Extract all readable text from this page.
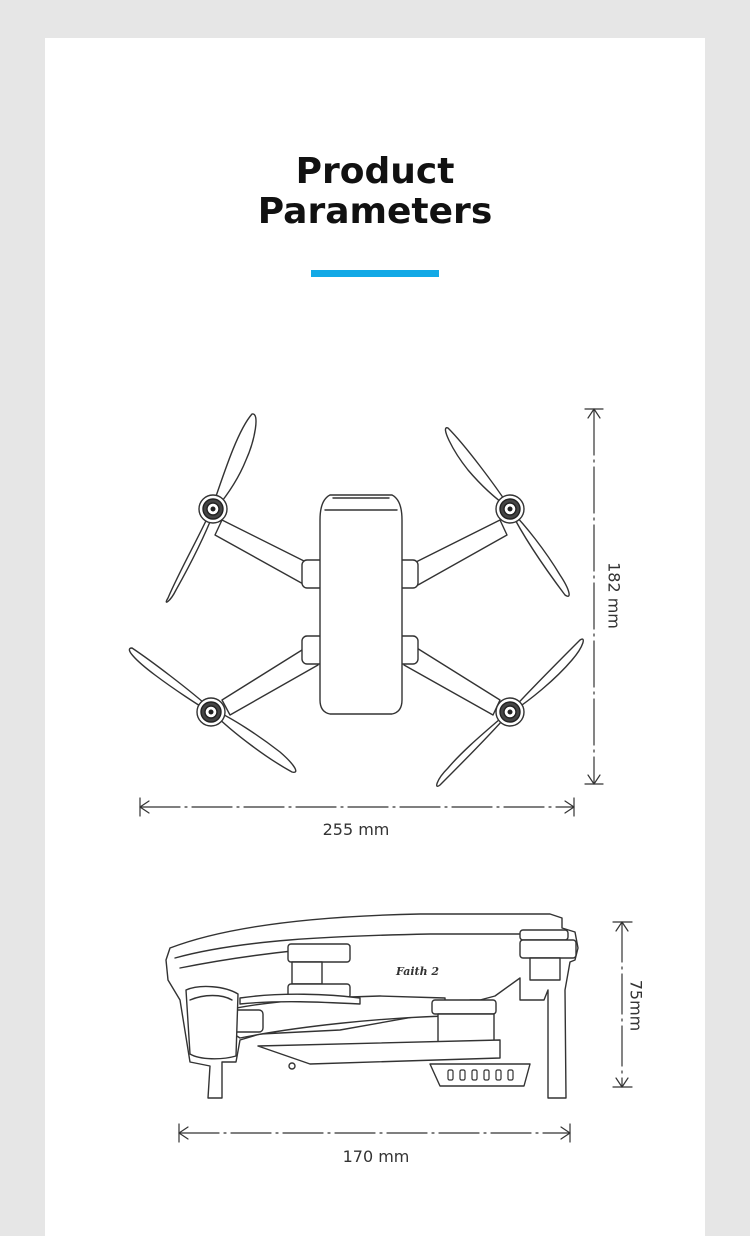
Product
Parameters
182 mm
255 mm
75mm
170 mm
Faith 2
